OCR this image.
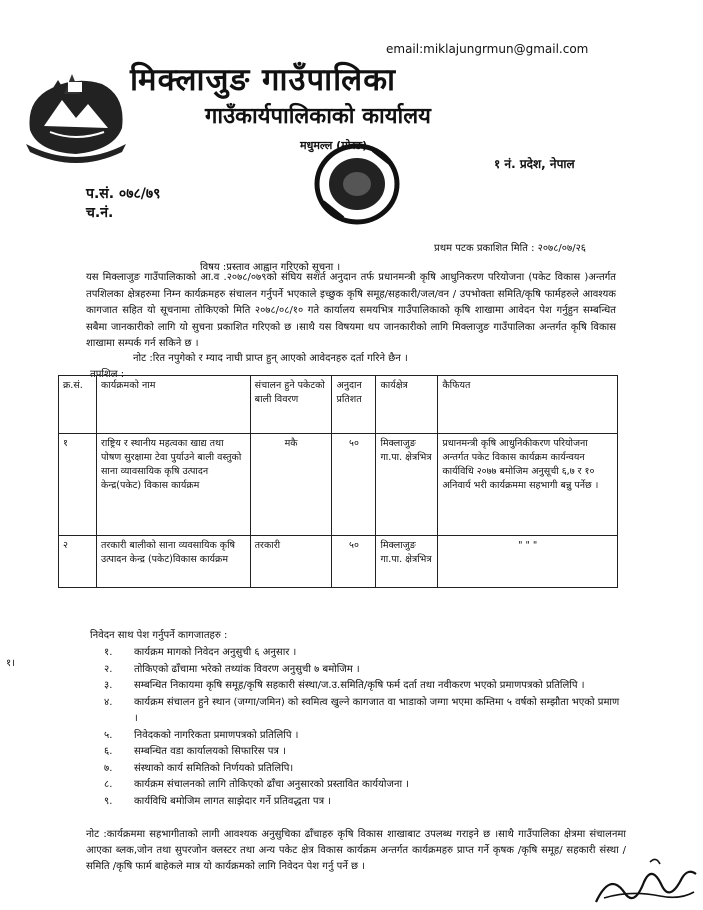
email:miklajungrmun@gmail.com
मिक्लाजुङ गाउँपालिका
गाउँकार्यपालिकाको कार्यालय
मधुमल्ल (मोरङ)
१ नं. प्रदेश, नेपाल
प.सं. ०७८/७९
च.नं.
प्रथम पटक प्रकाशित मिति : २०७८/०७/२६
विषय :प्रस्ताव आह्वान गरिएको सूचना ।
यस मिक्लाजुङ गाउँपालिकाको आ.व .२०७८/०७९को संघिय सशर्त अनुदान तर्फ प्रधानमन्त्री कृषि आधुनिकरण परियोजना (पकेट विकास )अन्तर्गत तपशिलका क्षेत्रहरुमा निम्न कार्यक्रमहरु संचालन गर्नुपर्ने भएकाले इच्छुक कृषि समूह/सहकारी/जल/वन / उपभोक्ता समिति/कृषि फार्महरुले आवश्यक कागजात सहित यो सूचनामा तोकिएको मिति २०७८/०८/१० गते कार्यालय समयभित्र गाउँपालिकाको कृषि शाखामा आवेदन पेश गर्नुहुन सम्बन्धित सबैमा जानकारीको लागि यो सुचना प्रकाशित गरिएको छ ।साथै यस विषयमा थप जानकारीको लागि मिक्लाजुङ गाउँपालिका अन्तर्गत कृषि विकास शाखामा सम्पर्क गर्न सकिने छ ।
नोट :रित नपुगेको र म्याद नाघी प्राप्त हुन् आएको आवेदनहरु दर्ता गरिने छैन ।
तपशिल :
क्र.सं.	कार्यक्रमको नाम	संचालन हुने पकेटको बाली विवरण	अनुदान प्रतिशत	कार्यक्षेत्र	कैफियत
१	राष्ट्रिय र स्थानीय महत्वका खाद्य तथा पोषण सुरक्षामा टेवा पुर्याउने बाली वस्तुको साना व्यावसायिक कृषि उत्पादन केन्द्र(पकेट) विकास कार्यक्रम	मकै	५०	मिक्लाजुङ गा.पा. क्षेत्रभित्र	प्रधानमन्त्री कृषि आधुनिकीकरण परियोजना अन्तर्गत पकेट विकास कार्यक्रम कार्यन्वयन कार्यविधि २०७७ बमोजिम अनुसूची ६,७ र १० अनिवार्य भरी कार्यक्रममा सहभागी बन्नु पर्नेछ ।
२	तरकारी बालीको साना व्यवसायिक कृषि उत्पादन केन्द्र (पकेट)विकास कार्यक्रम	तरकारी	५०	मिक्लाजुङ गा.पा. क्षेत्रभित्र	" " "
निवेदन साथ पेश गर्नुपर्ने कागजातहरु :
१.	कार्यक्रम मागको निवेदन अनुसुची ६ अनुसार ।
२.	तोकिएको ढाँचामा भरेको तथ्यांक विवरण अनुसुची ७ बमोजिम ।
३.	सम्बन्धित निकायमा कृषि समूह/कृषि सहकारी संस्था/ज.उ.समिति/कृषि फर्म दर्ता तथा नवीकरण भएको प्रमाणपत्रको प्रतिलिपि ।
४.	कार्यक्रम संचालन हुने स्थान (जग्गा/जमिन) को स्वमित्व खुल्ने कागजात वा भाडाको जग्गा भएमा कम्तिमा ५ वर्षको सम्झौता भएको प्रमाण ।
५.	निवेदकको नागरिकता प्रमाणपत्रको प्रतिलिपि ।
६.	सम्बन्धित वडा कार्यालयको सिफारिस पत्र ।
७.	संस्थाको कार्य समितिको निर्णयको प्रतिलिपि।
८.	कार्यक्रम संचालनको लागि तोकिएको ढाँचा अनुसारको प्रस्तावित कार्ययोजना ।
९.	कार्यविधि बमोजिम लागत साझेदार गर्ने प्रतिवद्धता पत्र ।
१।
नोट :कार्यक्रममा सहभागीताको लागी आवश्यक अनुसुचिका ढाँचाहरु कृषि विकास शाखाबाट उपलब्ध गराइने छ ।साथै गाउँपालिका क्षेत्रमा संचालनमा आएका ब्लक,जोन तथा सुपरजोन क्लस्टर तथा अन्य पकेट क्षेत्र विकास कार्यक्रम अन्तर्गत कार्यक्रमहरु प्राप्त गर्ने कृषक /कृषि समूह/ सहकारी संस्था /समिति /कृषि फार्म बाहेकले मात्र यो कार्यक्रमको लागि निवेदन पेश गर्नु पर्ने छ ।
